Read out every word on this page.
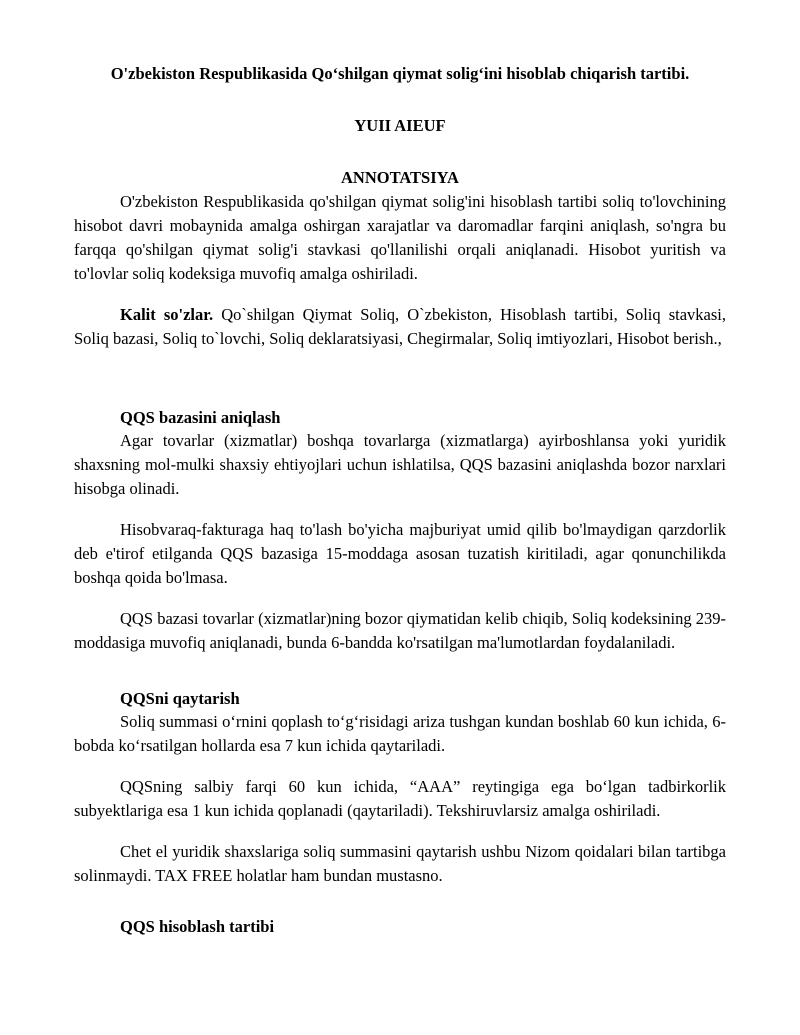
O'zbekiston Respublikasida Qo‘shilgan qiymat solig‘ini hisoblab chiqarish tartibi.

YUII AIEUF

ANNOTATSIYA

O'zbekiston Respublikasida qo'shilgan qiymat solig'ini hisoblash tartibi soliq to'lovchining hisobot davri mobaynida amalga oshirgan xarajatlar va daromadlar farqini aniqlash, so'ngra bu farqqa qo'shilgan qiymat solig'i stavkasi qo'llanilishi orqali aniqlanadi. Hisobot yuritish va to'lovlar soliq kodeksiga muvofiq amalga oshiriladi.

Kalit so'zlar. Qo`shilgan Qiymat Soliq, O`zbekiston, Hisoblash tartibi, Soliq stavkasi, Soliq bazasi, Soliq to`lovchi, Soliq deklaratsiyasi, Chegirmalar, Soliq imtiyozlari, Hisobot berish.,

QQS bazasini aniqlash

Agar tovarlar (xizmatlar) boshqa tovarlarga (xizmatlarga) ayirboshlansa yoki yuridik shaxsning mol-mulki shaxsiy ehtiyojlari uchun ishlatilsa, QQS bazasini aniqlashda bozor narxlari hisobga olinadi.

Hisobvaraq-fakturaga haq to'lash bo'yicha majburiyat umid qilib bo'lmaydigan qarzdorlik deb e'tirof etilganda QQS bazasiga 15-moddaga asosan tuzatish kiritiladi, agar qonunchilikda boshqa qoida bo'lmasa.

QQS bazasi tovarlar (xizmatlar)ning bozor qiymatidan kelib chiqib, Soliq kodeksining 239-moddasiga muvofiq aniqlanadi, bunda 6-bandda ko'rsatilgan ma'lumotlardan foydalaniladi.

QQSni qaytarish

Soliq summasi o‘rnini qoplash to‘g‘risidagi ariza tushgan kundan boshlab 60 kun ichida, 6-bobda ko‘rsatilgan hollarda esa 7 kun ichida qaytariladi.

QQSning salbiy farqi 60 kun ichida, “AAA” reytingiga ega bo‘lgan tadbirkorlik subyektlariga esa 1 kun ichida qoplanadi (qaytariladi). Tekshiruvlarsiz amalga oshiriladi.

Chet el yuridik shaxslariga soliq summasini qaytarish ushbu Nizom qoidalari bilan tartibga solinmaydi. TAX FREE holatlar ham bundan mustasno.

QQS hisoblash tartibi
